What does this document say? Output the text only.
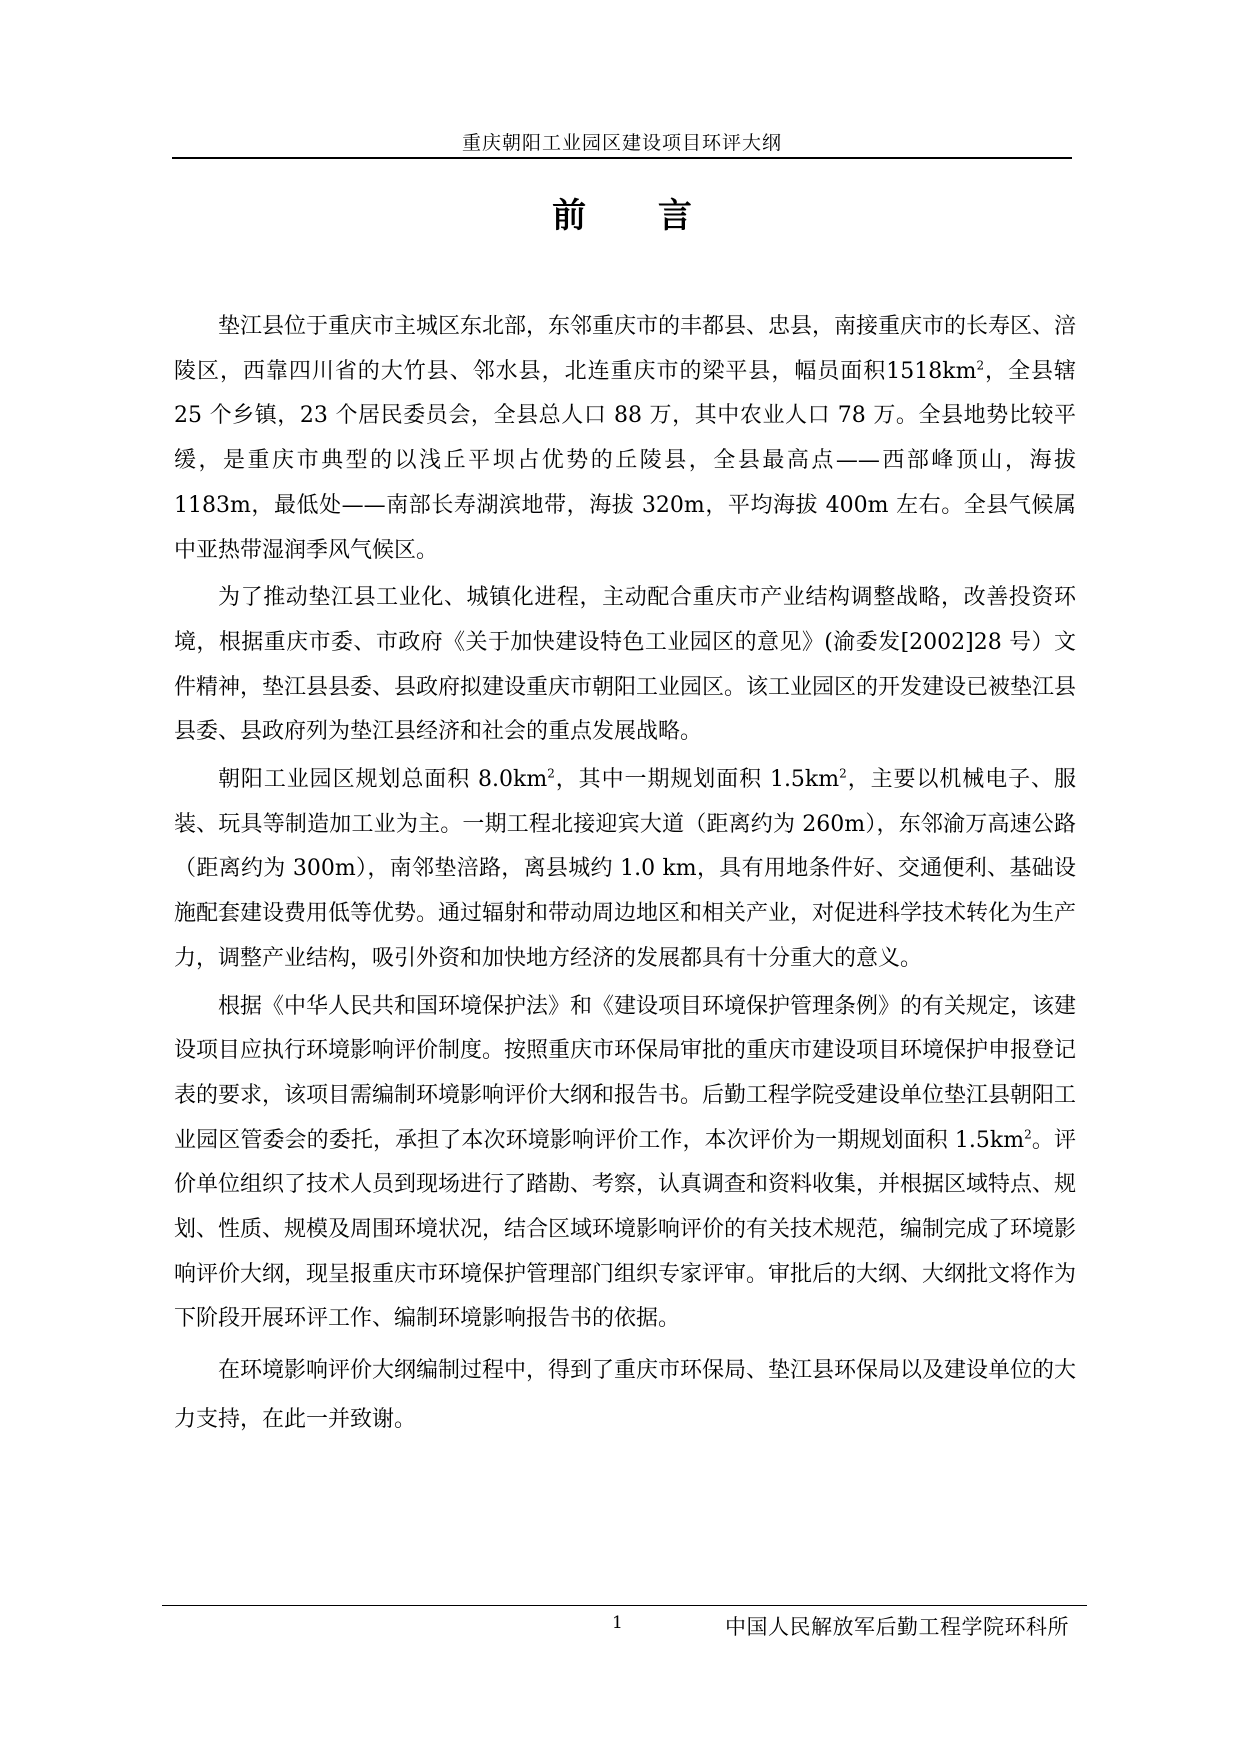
重庆朝阳工业园区建设项目环评大纲
前 言

垫江县位于重庆市主城区东北部，东邻重庆市的丰都县、忠县，南接重庆市的长寿区、涪陵区，西靠四川省的大竹县、邻水县，北连重庆市的梁平县，幅员面积$1518km^2$，全县辖 25 个乡镇，23 个居民委员会，全县总人口 88 万，其中农业人口 78 万。全县地势比较平缓，是重庆市典型的以浅丘平坝占优势的丘陵县，全县最高点——西部峰顶山，海拔 1183m，最低处——南部长寿湖滨地带，海拔 320m，平均海拔 400m 左右。全县气候属中亚热带湿润季风气候区。

为了推动垫江县工业化、城镇化进程，主动配合重庆市产业结构调整战略，改善投资环境，根据重庆市委、市政府《关于加快建设特色工业园区的意见》(渝委发[2002]28 号）文件精神，垫江县县委、县政府拟建设重庆市朝阳工业园区。该工业园区的开发建设已被垫江县县委、县政府列为垫江县经济和社会的重点发展战略。

朝阳工业园区规划总面积 $8.0km^2$，其中一期规划面积 $1.5km^2$，主要以机械电子、服装、玩具等制造加工业为主。一期工程北接迎宾大道（距离约为 260m），东邻渝万高速公路（距离约为 300m），南邻垫涪路，离县城约 1.0 km，具有用地条件好、交通便利、基础设施配套建设费用低等优势。通过辐射和带动周边地区和相关产业，对促进科学技术转化为生产力，调整产业结构，吸引外资和加快地方经济的发展都具有十分重大的意义。

根据《中华人民共和国环境保护法》和《建设项目环境保护管理条例》的有关规定，该建设项目应执行环境影响评价制度。按照重庆市环保局审批的重庆市建设项目环境保护申报登记表的要求，该项目需编制环境影响评价大纲和报告书。后勤工程学院受建设单位垫江县朝阳工业园区管委会的委托，承担了本次环境影响评价工作，本次评价为一期规划面积 $1.5km^2$。评价单位组织了技术人员到现场进行了踏勘、考察，认真调查和资料收集，并根据区域特点、规划、性质、规模及周围环境状况，结合区域环境影响评价的有关技术规范，编制完成了环境影响评价大纲，现呈报重庆市环境保护管理部门组织专家评审。审批后的大纲、大纲批文将作为下阶段开展环评工作、编制环境影响报告书的依据。

在环境影响评价大纲编制过程中，得到了重庆市环保局、垫江县环保局以及建设单位的大力支持，在此一并致谢。

1	中国人民解放军后勤工程学院环科所
